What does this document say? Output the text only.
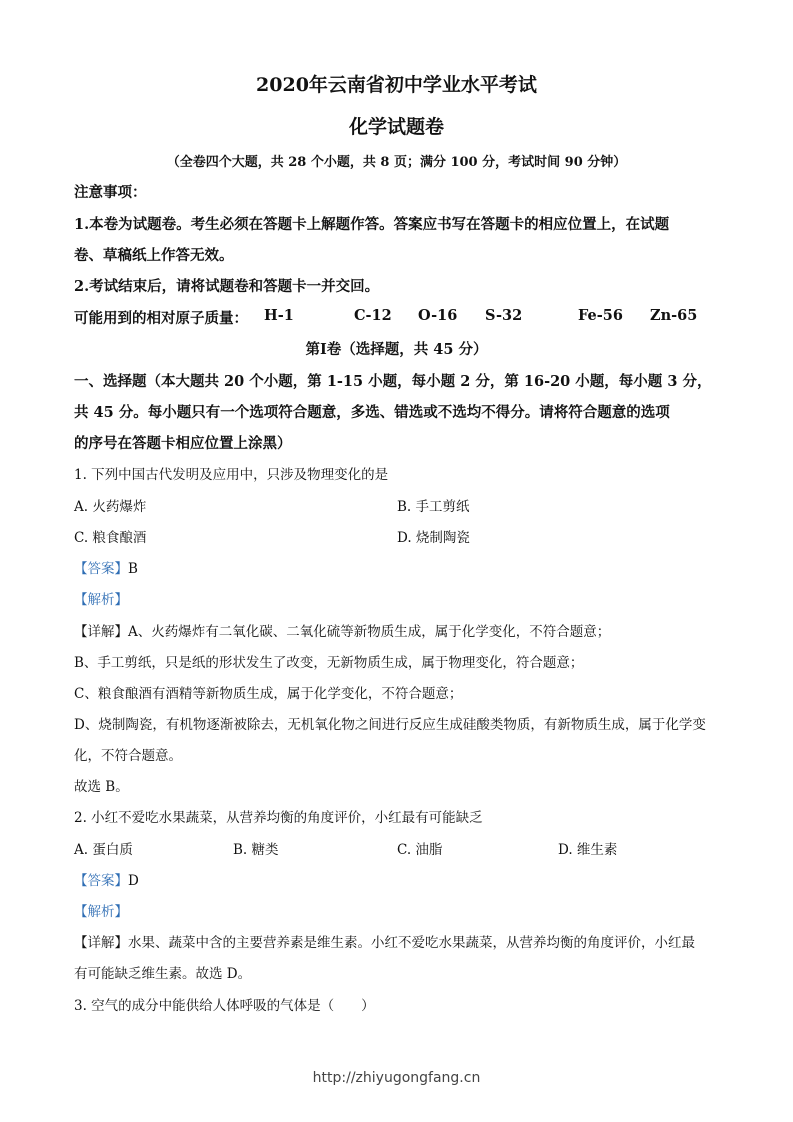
2020年云南省初中学业水平考试
化学试题卷
（全卷四个大题，共 28 个小题，共 8 页；满分 100 分，考试时间 90 分钟）
注意事项：
1.本卷为试题卷。考生必须在答题卡上解题作答。答案应书写在答题卡的相应位置上，在试题
卷、草稿纸上作答无效。
2.考试结束后，请将试题卷和答题卡一并交回。
可能用到的相对原子质量： H-1	C-12 O-16 S-32	Fe-56 Zn-65
第Ⅰ卷（选择题，共 45 分）
一、选择题（本大题共 20 个小题，第 1-15 小题，每小题 2 分，第 16-20 小题，每小题 3 分，
共 45 分。每小题只有一个选项符合题意，多选、错选或不选均不得分。请将符合题意的选项
的序号在答题卡相应位置上涂黑）
1. 下列中国古代发明及应用中，只涉及物理变化的是
A. 火药爆炸	B. 手工剪纸
C. 粮食酿酒	D. 烧制陶瓷
【答案】B
【解析】
【详解】A、火药爆炸有二氧化碳、二氧化硫等新物质生成，属于化学变化，不符合题意；
B、手工剪纸，只是纸的形状发生了改变，无新物质生成，属于物理变化，符合题意；
C、粮食酿酒有酒精等新物质生成，属于化学变化，不符合题意；
D、烧制陶瓷，有机物逐渐被除去，无机氧化物之间进行反应生成硅酸类物质，有新物质生成，属于化学变
化，不符合题意。
故选 B。
2. 小红不爱吃水果蔬菜，从营养均衡的角度评价，小红最有可能缺乏
A. 蛋白质	B. 糖类	C. 油脂	D. 维生素
【答案】D
【解析】
【详解】水果、蔬菜中含的主要营养素是维生素。小红不爱吃水果蔬菜，从营养均衡的角度评价，小红最
有可能缺乏维生素。故选 D。
3. 空气的成分中能供给人体呼吸的气体是（　　）
http://zhiyugongfang.cn
